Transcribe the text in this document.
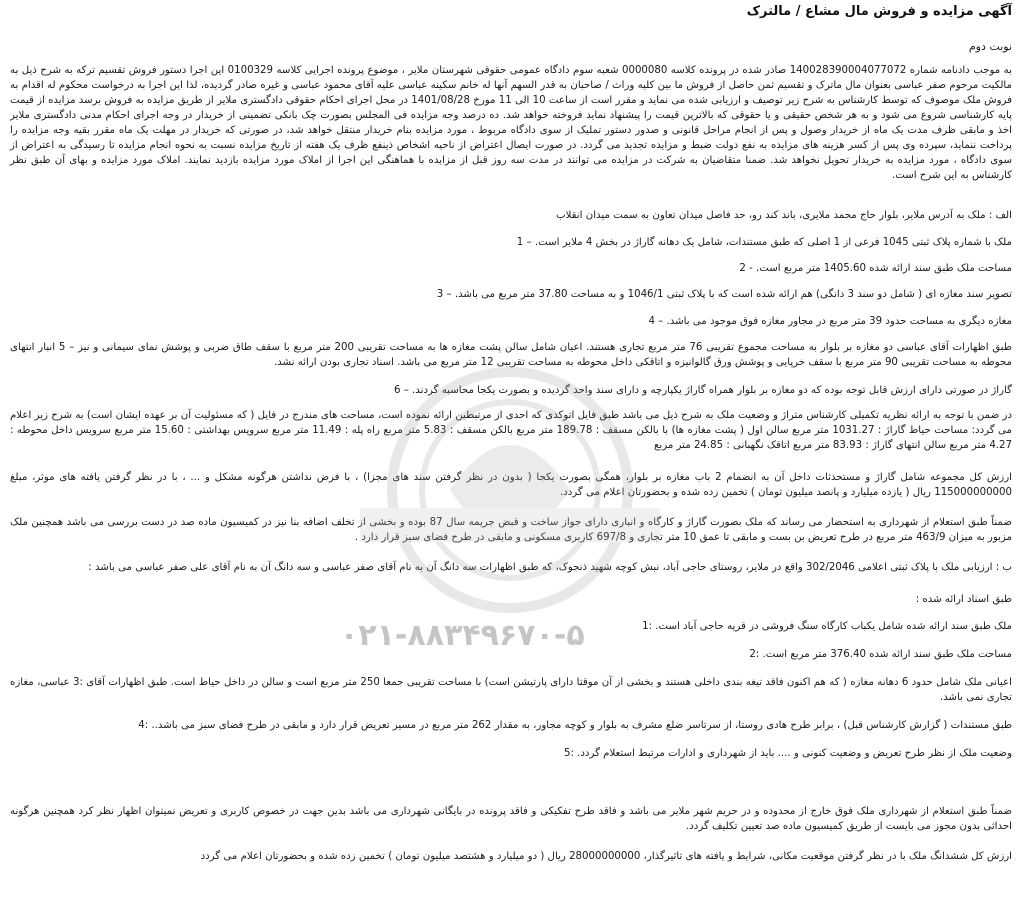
آگهی مزایده و فروش مال مشاع / مالترک
نوبت دوم

به موجب دادنامه شماره 140028390004077072 صادر شده در پرونده کلاسه 0000080 شعبه سوم دادگاه عمومی حقوقی شهرستان ملایر ، موضوع پرونده اجرایی کلاسه 0100329 این اجرا دستور فروش تقسیم ترکه به شرح ذیل به مالکیت مرحوم صفر عباسی بعنوان مال ماترک و تقسیم ثمن حاصل از فروش ما بین کلیه وراث / صاحبان به قدر السهم آنها له خانم سکینه عباسی علیه آقای محمود عباسی و غیره صادر گردیده، لذا این اجرا به درخواست محکوم له اقدام به فروش ملک موصوف که توسط کارشناس به شرح زیر توصیف و ارزیابی شده می نماید و مقرر است از ساعت 10 الی 11 مورخ 1401/08/28 در محل اجرای احکام حقوقی دادگستری ملایر از طریق مزایده به فروش برسد مزایده از قیمت پایه کارشناسی شروع می شود و به هر شخص حقیقی و یا حقوقی که بالاترین قیمت را پیشنهاد نماید فروخته خواهد شد. ده درصد وجه مزایده فی المجلس بصورت چک بانکی تضمینی از خریدار در وجه اجرای احکام مدنی دادگستری ملایر اخذ و مابقی ظرف مدت یک ماه از خریدار وصول و پس از انجام مراحل قانونی و صدور دستور تملیک از سوی دادگاه مربوط ، مورد مزایده بنام خریدار منتقل خواهد شد، در صورتی که خریدار در مهلت یک ماه مقرر بقیه وجه مزایده را پرداخت ننماید، سپرده وی پس از کسر هزینه های مزایده به نفع دولت ضبط و مزایده تجدید می گردد. در صورت ایصال اعتراض از ناحیه اشخاص ذینفع ظرف یک هفته از تاریخ مزایده نسبت به نحوه انجام مزایده تا رسیدگی به اعتراض از سوی دادگاه ، مورد مزایده به خریدار تحویل نخواهد شد. ضمنا متقاضیان به شرکت در مزایده می توانند در مدت سه روز قبل از مزایده با هماهنگی این اجرا از املاک مورد مزایده بازدید نمایند. املاک مورد مزایده و بهای آن طبق نظر کارشناس به این شرح است.

الف : ملک به آدرس ملایر، بلوار حاج محمد ملایری، باند کند رو، حد فاصل میدان تعاون به سمت میدان انقلاب

ملک با شماره پلاک ثبتی 1045 فرعی از 1 اصلی که طبق مستندات، شامل یک دهانه گاراژ در بخش 4 ملایر است. – 1

مساحت ملک طبق سند ارائه شده 1405.60 متر مربع است. - 2

تصویر سند مغازه ای ( شامل دو سند 3 دانگی) هم ارائه شده است که با پلاک ثبتی 1046/1 و به مساحت 37.80 متر مربع می باشد. – 3

مغازه دیگری به مساحت حدود 39 متر مربع در مجاور مغازه فوق موجود می باشد. – 4

طبق اظهارات آقای عباسی دو مغازه بر بلوار به مساحت مجموع تقریبی 76 متر مربع تجاری هستند. اعیان شامل سالن پشت مغازه ها به مساحت تقریبی 200 متر مربع با سقف طاق ضربی و پوشش نمای سیمانی و نیز – 5 انبار انتهای محوطه به مساحت تقریبی 90 متر مربع با سقف خرپایی و پوشش ورق گالوانیزه و اتاقکی داخل محوطه به مساحت تقریبی 12 متر مربع می باشد. اسناد تجاری بودن ارائه نشد.

گاراژ در صورتی دارای ارزش قابل توجه بوده که دو مغازه بر بلوار همراه گاراژ یکپارچه و دارای سند واحد گردیده و بصورت یکجا محاسبه گردند. – 6

در ضمن با توجه به ارائه نظریه تکمیلی کارشناس متراژ و وضعیت ملک به شرح ذیل می باشد طبق فایل اتوکدی که احدی از مرتبطین ارائه نموده است، مساحت های مندرج در فایل ( که مسئولیت آن بر عهده ایشان است) به شرح زیر اعلام می گردد: مساحت حیاط گاراژ : 1031.27 متر مربع سالن اول ( پشت مغازه ها) با بالکن مسقف : 189.78 متر مربع بالکن مسقف : 5.83 متر مربع راه پله : 11.49 متر مربع سرویس بهداشتی : 15.60 متر مربع سرویس داخل محوطه : 4.27 متر مربع سالن انتهای گاراژ : 83.93 متر مربع اتاقک نگهبانی : 24.85 متر مربع

ارزش کل مجموعه شامل گاراژ و مستحدثات داخل آن به انضمام 2 باب مغازه بر بلوار، همگی بصورت یکجا ( بدون در نظر گرفتن سند های مجزا) ، با فرض نداشتن هرگونه مشکل و ... ، با در نظر گرفتن یافته های موثر، مبلغ 115000000000 ریال ( یازده میلیارد و پانصد میلیون تومان ) تخمین زده شده و بحضورتان اعلام می گردد.

ضمناً طبق استعلام از شهرداری به استحضار می رساند که ملک بصورت گاراژ و کارگاه و انباری دارای جواز ساخت و قبض جریمه سال 87 بوده و بخشی از تخلف اضافه بنا نیز در کمیسیون ماده صد در دست بررسی می باشد همچنین ملک مزبور به میزان 463/9 متر مربع در طرح تعریض بن بست و مابقی تا عمق 10 متر تجاری و 697/8 کاربری مسکونی و مابقی در طرح فضای سبز قرار دارد .

ب : ارزیابی ملک با پلاک ثبتی اعلامی 302/2046 واقع در ملایر، روستای حاجی آباد، نبش کوچه شهید ذنجوک، که طبق اظهارات سه دانگ آن به نام آقای صفر عباسی و سه دانگ آن به نام آقای علی صفر عباسی می باشد :

طبق اسناد ارائه شده :

ملک طبق سند ارائه شده شامل یکباب کارگاه سنگ فروشی در قریه حاجی آباد است. :1

مساحت ملک طبق سند ارائه شده 376.40 متر مربع است. :2

اعیانی ملک شامل حدود 6 دهانه مغازه ( که هم اکنون فاقد تیغه بندی داخلی هستند و بخشی از آن موقتا دارای پارتیشن است) با مساحت تقریبی جمعا 250 متر مربع است و سالن در داخل حیاط است. طبق اظهارات آقای :3 عباسی، مغازه تجاری نمی باشد.

طبق مستندات ( گزارش کارشناس قبل) ، برابر طرح هادی روستا، از سرتاسر ضلع مشرف به بلوار و کوچه مجاور، به مقدار 262 متر مربع در مسیر تعریض قرار دارد و مابقی در طرح فضای سبز می باشد.. :4

وضعیت ملک از نظر طرح تعریض و وضعیت کنونی و .... باید از شهرداری و ادارات مرتبط استعلام گردد. :5

ضمناً طبق استعلام از شهرداری ملک فوق خارج از محدوده و در حریم شهر ملایر می باشد و فاقد طرح تفکیکی و فاقد پرونده در بایگانی شهرداری می باشد بدین جهت در خصوص کاربری و تعریض نمیتوان اظهار نظر کرد همچنین هرگونه احداثی بدون مجوز می بایست از طریق کمیسیون ماده صد تعیین تکلیف گردد.

ارزش کل ششدانگ ملک با در نظر گرفتن موقعیت مکانی، شرایط و یافته های تاثیرگذار، 28000000000 ریال ( دو میلیارد و هشتصد میلیون تومان ) تخمین زده شده و بحضورتان اعلام می گردد

۰۲۱-۸۸۳۴۹۶۷۰-۵
